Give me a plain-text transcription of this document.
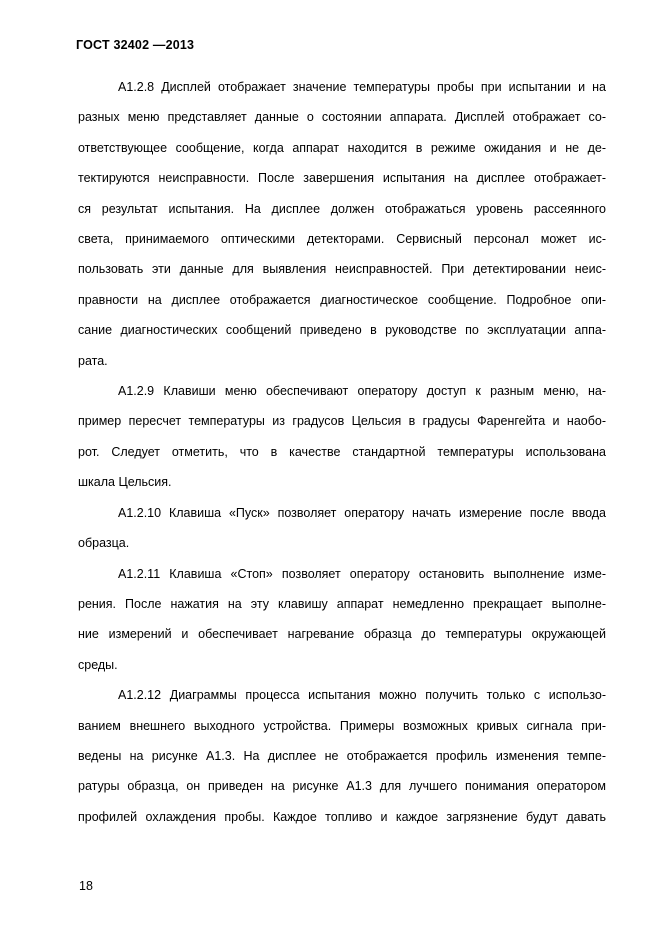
ГОСТ 32402 —2013
А1.2.8 Дисплей отображает значение температуры пробы при испытании и на
разных меню представляет данные о состоянии аппарата. Дисплей отображает со-
ответствующее сообщение, когда аппарат находится в режиме ожидания и не де-
тектируются неисправности. После завершения испытания на дисплее отображает-
ся результат испытания. На дисплее должен отображаться уровень рассеянного
света, принимаемого оптическими детекторами. Сервисный персонал может ис-
пользовать эти данные для выявления неисправностей. При детектировании неис-
правности на дисплее отображается диагностическое сообщение. Подробное опи-
сание диагностических сообщений приведено в руководстве по эксплуатации аппа-
рата.
А1.2.9 Клавиши меню обеспечивают оператору доступ к разным меню, на-
пример пересчет температуры из градусов Цельсия в градусы Фаренгейта и наобо-
рот. Следует отметить, что в качестве стандартной температуры использована
шкала Цельсия.
А1.2.10 Клавиша «Пуск» позволяет оператору начать измерение после ввода
образца.
А1.2.11 Клавиша «Стоп» позволяет оператору остановить выполнение изме-
рения. После нажатия на эту клавишу аппарат немедленно прекращает выполне-
ние измерений и обеспечивает нагревание образца до температуры окружающей
среды.
А1.2.12 Диаграммы процесса испытания можно получить только с использо-
ванием внешнего выходного устройства. Примеры возможных кривых сигнала при-
ведены на рисунке А1.3. На дисплее не отображается профиль изменения темпе-
ратуры образца, он приведен на рисунке А1.3 для лучшего понимания оператором
профилей охлаждения пробы. Каждое топливо и каждое загрязнение будут давать
18
